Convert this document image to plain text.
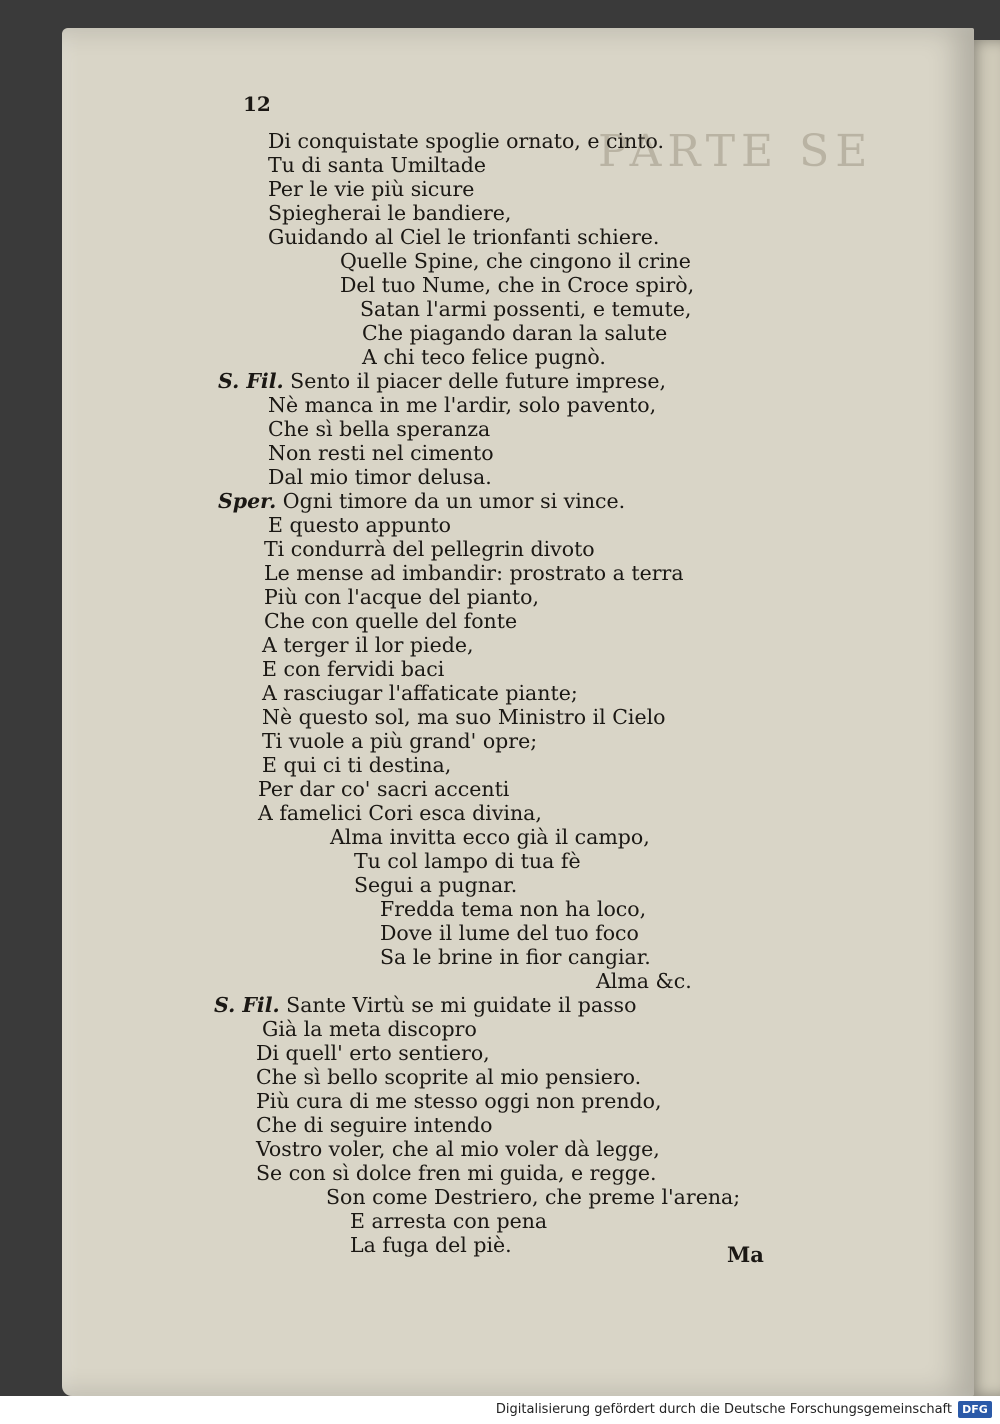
PARTE SE
12
Di conquistate spoglie ornato, e cinto.
Tu di santa Umiltade
Per le vie più sicure
Spiegherai le bandiere,
Guidando al Ciel le trionfanti schiere.
Quelle Spine, che cingono il crine
Del tuo Nume, che in Croce spirò,
Satan l'armi possenti, e temute,
Che piagando daran la salute
A chi teco felice pugnò.
S. Fil. Sento il piacer delle future imprese,
Nè manca in me l'ardir, solo pavento,
Che sì bella speranza
Non resti nel cimento
Dal mio timor delusa.
Sper. Ogni timore da un umor si vince.
E questo appunto
Ti condurrà del pellegrin divoto
Le mense ad imbandir: prostrato a terra
Più con l'acque del pianto,
Che con quelle del fonte
A terger il lor piede,
E con fervidi baci
A rasciugar l'affaticate piante;
Nè questo sol, ma suo Ministro il Cielo
Ti vuole a più grand' opre;
E qui ci ti destina,
Per dar co' sacri accenti
A famelici Cori esca divina,
Alma invitta ecco già il campo,
Tu col lampo di tua fè
Segui a pugnar.
Fredda tema non ha loco,
Dove il lume del tuo foco
Sa le brine in fior cangiar.
Alma &c.
S. Fil. Sante Virtù se mi guidate il passo
Già la meta discopro
Di quell' erto sentiero,
Che sì bello scoprite al mio pensiero.
Più cura di me stesso oggi non prendo,
Che di seguire intendo
Vostro voler, che al mio voler dà legge,
Se con sì dolce fren mi guida, e regge.
Son come Destriero, che preme l'arena;
E arresta con pena
La fuga del piè.	Ma
Digitalisierung gefördert durch die Deutsche Forschungsgemeinschaft DFG
